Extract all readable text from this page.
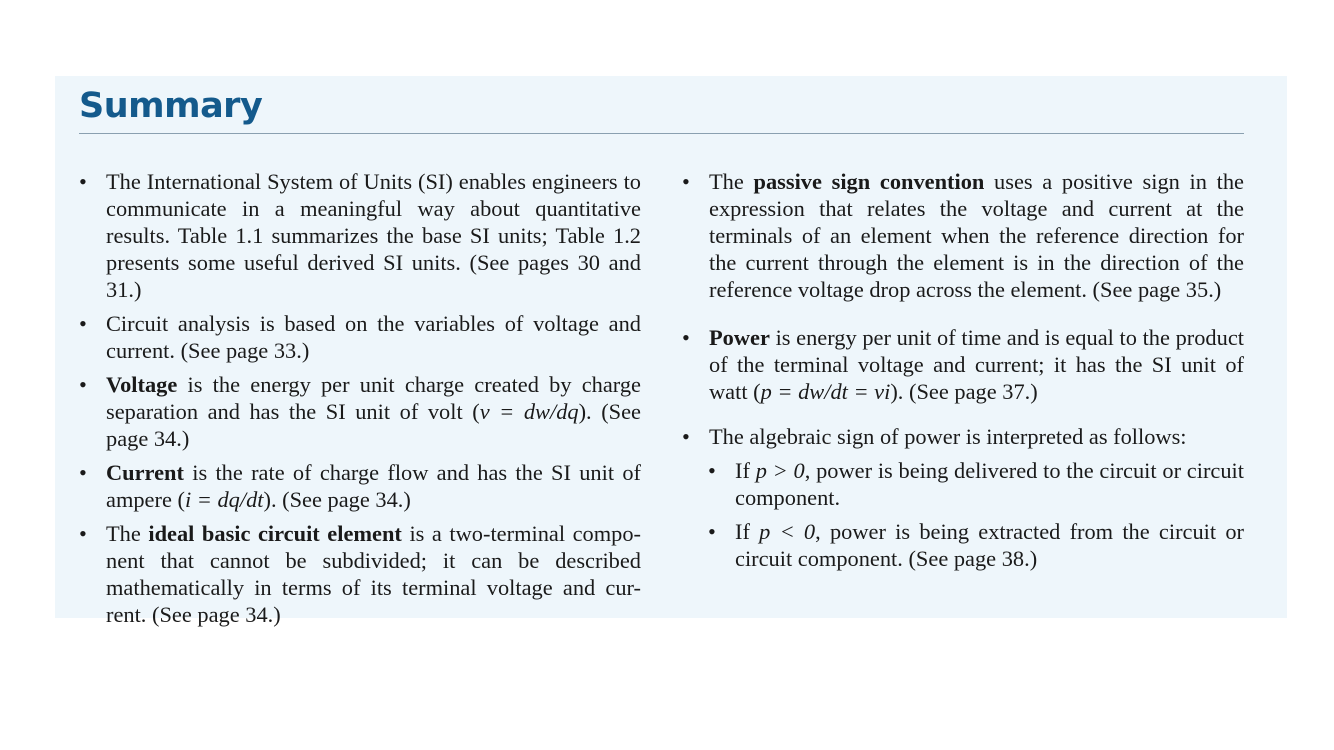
Summary

• The International System of Units (SI) enables engineers to communicate in a meaningful way about quantitative results. Table 1.1 summarizes the base SI units; Table 1.2 presents some useful derived SI units. (See pages 30 and 31.)

• Circuit analysis is based on the variables of voltage and current. (See page 33.)

• Voltage is the energy per unit charge created by charge separation and has the SI unit of volt (v = dw/dq). (See page 34.)

• Current is the rate of charge flow and has the SI unit of ampere (i = dq/dt). (See page 34.)

• The ideal basic circuit element is a two-terminal compo-nent that cannot be subdivided; it can be described mathematically in terms of its terminal voltage and cur-rent. (See page 34.)

• The passive sign convention uses a positive sign in the expression that relates the voltage and current at the terminals of an element when the reference direction for the current through the element is in the direction of the reference voltage drop across the element. (See page 35.)

• Power is energy per unit of time and is equal to the product of the terminal voltage and current; it has the SI unit of watt (p = dw/dt = vi). (See page 37.)

• The algebraic sign of power is interpreted as follows:

• If p > 0, power is being delivered to the circuit or circuit component.

• If p < 0, power is being extracted from the circuit or circuit component. (See page 38.)
